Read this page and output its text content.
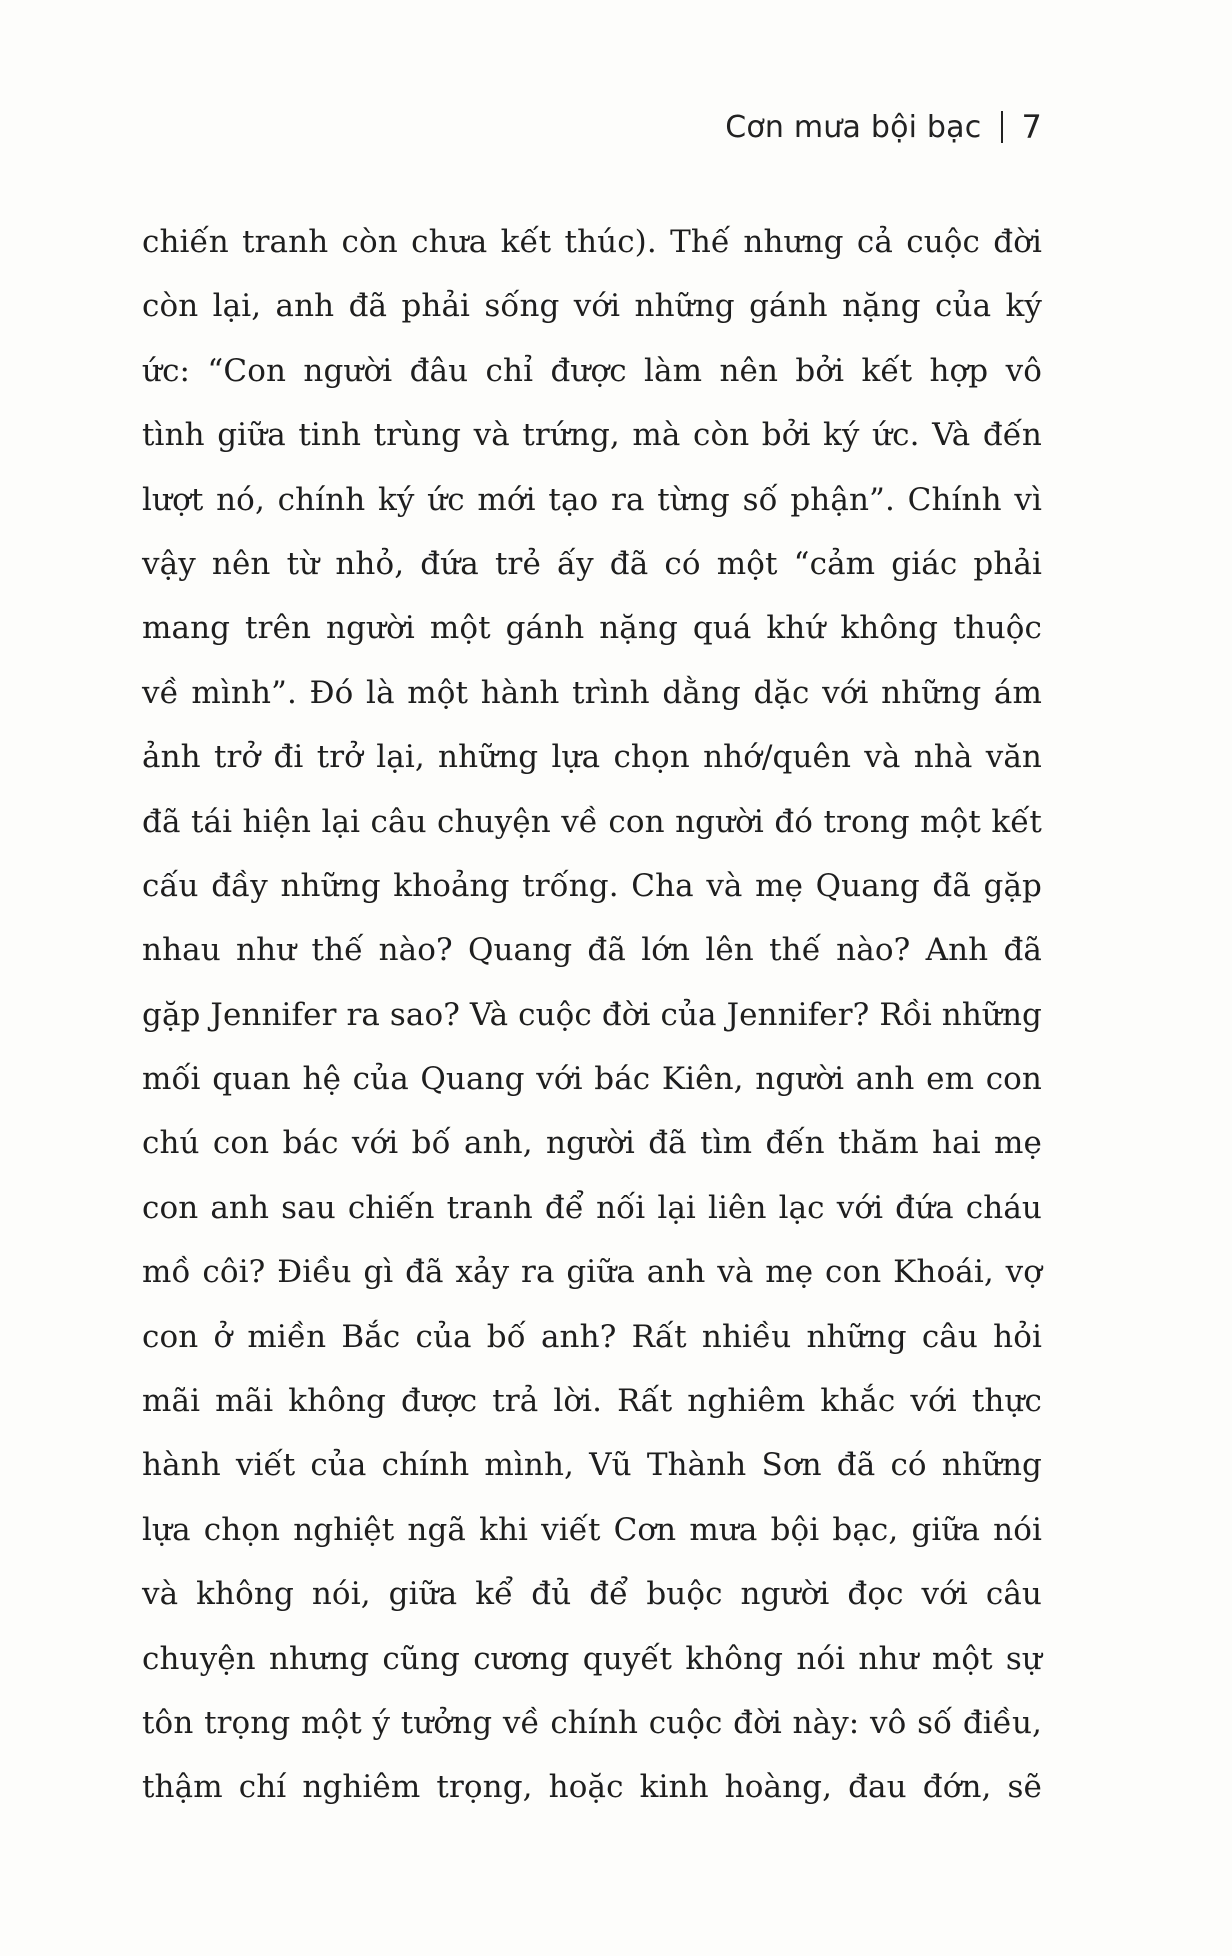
Cơn mưa bội bạc 7
chiến tranh còn chưa kết thúc). Thế nhưng cả cuộc đời
còn lại, anh đã phải sống với những gánh nặng của ký
ức: “Con người đâu chỉ được làm nên bởi kết hợp vô
tình giữa tinh trùng và trứng, mà còn bởi ký ức. Và đến
lượt nó, chính ký ức mới tạo ra từng số phận”. Chính vì
vậy nên từ nhỏ, đứa trẻ ấy đã có một “cảm giác phải
mang trên người một gánh nặng quá khứ không thuộc
về mình”. Đó là một hành trình dằng dặc với những ám
ảnh trở đi trở lại, những lựa chọn nhớ/quên và nhà văn
đã tái hiện lại câu chuyện về con người đó trong một kết
cấu đầy những khoảng trống. Cha và mẹ Quang đã gặp
nhau như thế nào? Quang đã lớn lên thế nào? Anh đã
gặp Jennifer ra sao? Và cuộc đời của Jennifer? Rồi những
mối quan hệ của Quang với bác Kiên, người anh em con
chú con bác với bố anh, người đã tìm đến thăm hai mẹ
con anh sau chiến tranh để nối lại liên lạc với đứa cháu
mồ côi? Điều gì đã xảy ra giữa anh và mẹ con Khoái, vợ
con ở miền Bắc của bố anh? Rất nhiều những câu hỏi
mãi mãi không được trả lời. Rất nghiêm khắc với thực
hành viết của chính mình, Vũ Thành Sơn đã có những
lựa chọn nghiệt ngã khi viết Cơn mưa bội bạc, giữa nói
và không nói, giữa kể đủ để buộc người đọc với câu
chuyện nhưng cũng cương quyết không nói như một sự
tôn trọng một ý tưởng về chính cuộc đời này: vô số điều,
thậm chí nghiêm trọng, hoặc kinh hoàng, đau đớn, sẽ
